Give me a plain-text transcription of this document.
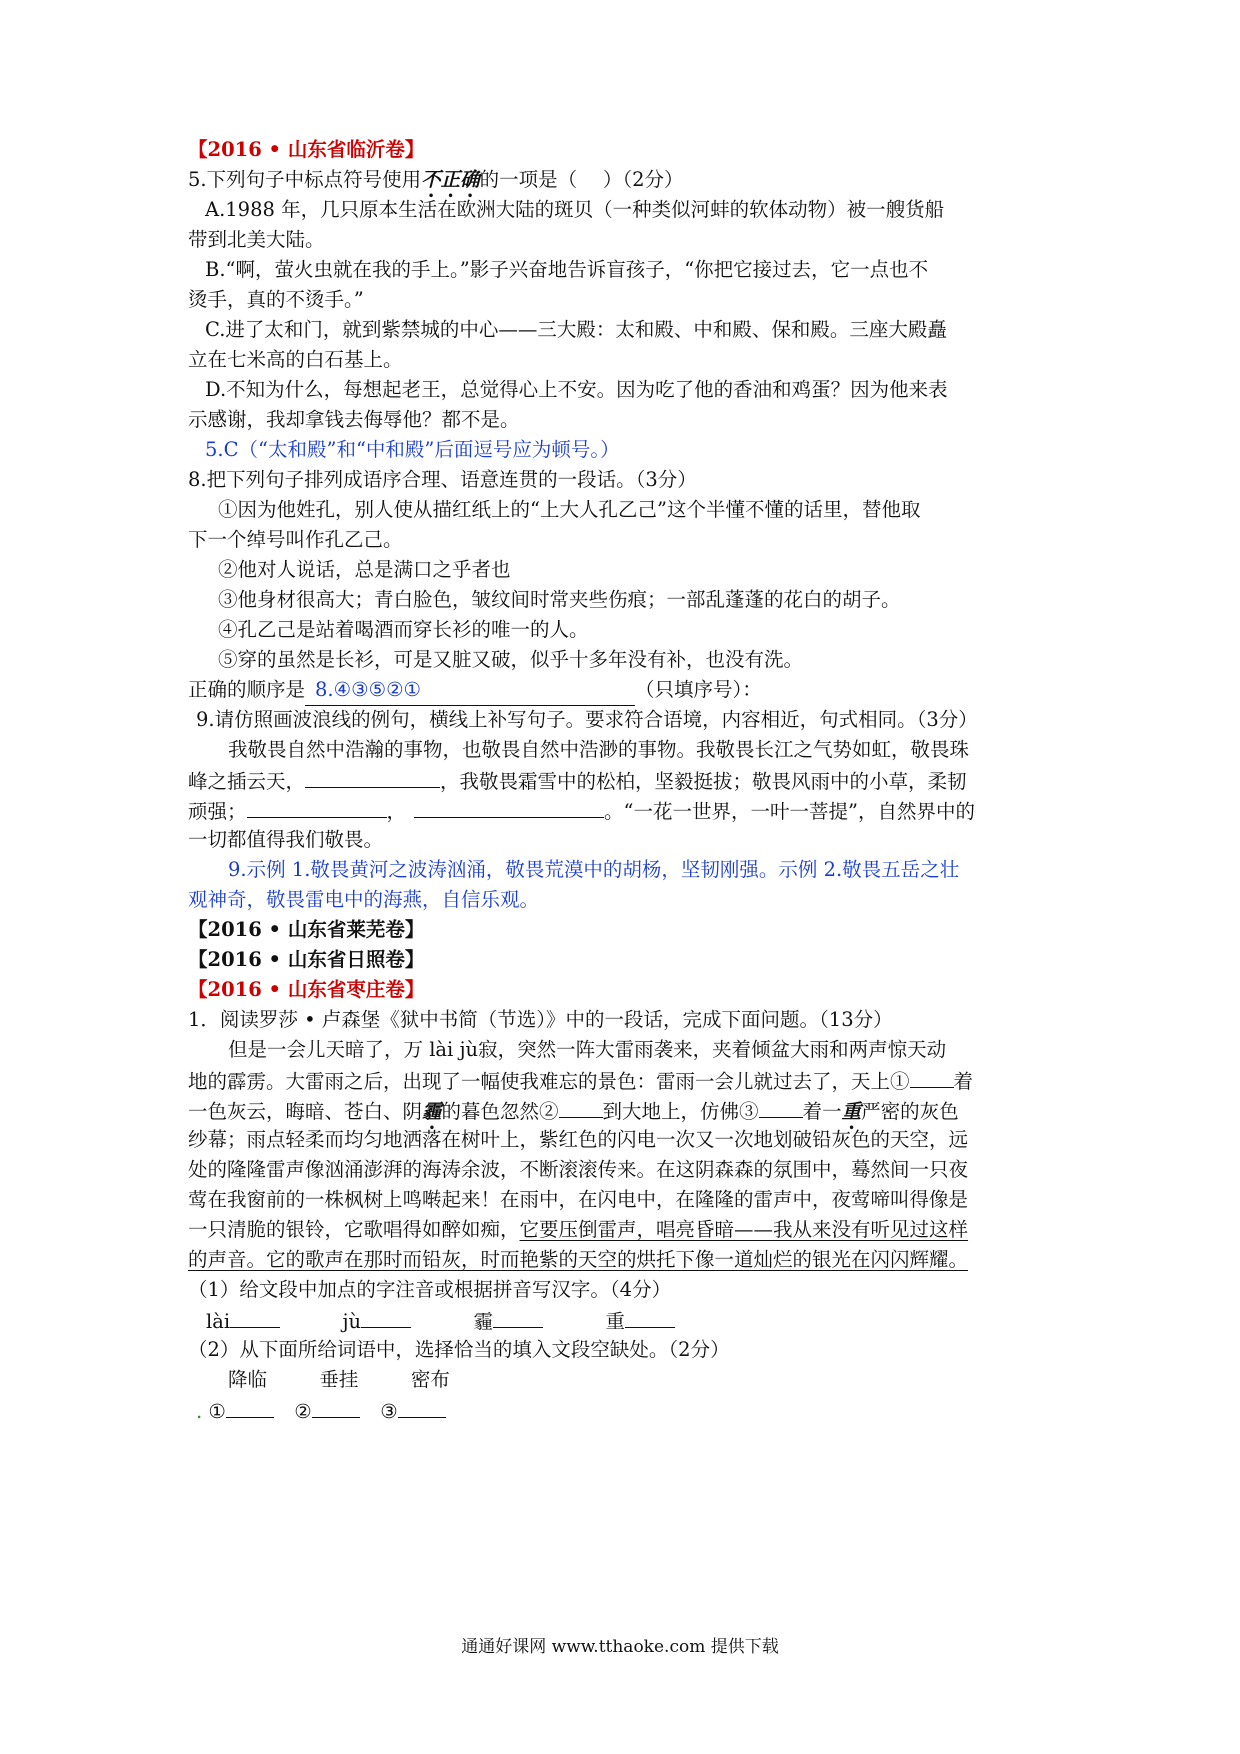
【2016 • 山东省临沂卷】
5.下列句子中标点符号使用不正确的一项是（　 ）（2分）
A.1988 年，几只原本生活在欧洲大陆的斑贝（一种类似河蚌的软体动物）被一艘货船
带到北美大陆。
B.“啊，萤火虫就在我的手上。”影子兴奋地告诉盲孩子，“你把它接过去，它一点也不
烫手，真的不烫手。”
C.进了太和门，就到紫禁城的中心——三大殿：太和殿、中和殿、保和殿。三座大殿矗
立在七米高的白石基上。
D.不知为什么，每想起老王，总觉得心上不安。因为吃了他的香油和鸡蛋？因为他来表
示感谢，我却拿钱去侮辱他？都不是。
5.C（“太和殿”和“中和殿”后面逗号应为顿号。）
8.把下列句子排列成语序合理、语意连贯的一段话。（3分）
①因为他姓孔，别人使从描红纸上的“上大人孔乙己”这个半懂不懂的话里，替他取
下一个绰号叫作孔乙己。
②他对人说话，总是满口之乎者也
③他身材很高大；青白脸色，皱纹间时常夹些伤痕；一部乱蓬蓬的花白的胡子。
④孔乙己是站着喝酒而穿长衫的唯一的人。
⑤穿的虽然是长衫，可是又脏又破，似乎十多年没有补，也没有洗。
正确的顺序是 8.④③⑤②①	（只填序号）：
9.请仿照画波浪线的例句，横线上补写句子。要求符合语境，内容相近，句式相同。（3分）
我敬畏自然中浩瀚的事物，也敬畏自然中浩渺的事物。我敬畏长江之气势如虹，敬畏珠
峰之插云天，	，我敬畏霜雪中的松柏，坚毅挺拔；敬畏风雨中的小草，柔韧
顽强；	，	。“一花一世界，一叶一菩提”，自然界中的
一切都值得我们敬畏。
9.示例 1.敬畏黄河之波涛汹涌，敬畏荒漠中的胡杨，坚韧刚强。示例 2.敬畏五岳之壮
观神奇，敬畏雷电中的海燕，自信乐观。
【2016 • 山东省莱芜卷】
【2016 • 山东省日照卷】
【2016 • 山东省枣庄卷】
1．阅读罗莎 • 卢森堡《狱中书简（节选）》中的一段话，完成下面问题。（13分）
但是一会儿天暗了，万 lài jù寂，突然一阵大雷雨袭来，夹着倾盆大雨和两声惊天动
地的霹雳。大雷雨之后，出现了一幅使我难忘的景色：雷雨一会儿就过去了，天上① 着
一色灰云，晦暗、苍白、阴霾的暮色忽然② 到大地上，仿佛③ 着一重严密的灰色
纱幕；雨点轻柔而均匀地洒落在树叶上，紫红色的闪电一次又一次地划破铅灰色的天空，远
处的隆隆雷声像汹涌澎湃的海涛余波，不断滚滚传来。在这阴森森的氛围中，蓦然间一只夜
莺在我窗前的一株枫树上鸣啭起来！在雨中，在闪电中，在隆隆的雷声中，夜莺啼叫得像是
一只清脆的银铃，它歌唱得如醉如痴，它要压倒雷声，唱亮昏暗——我从来没有听见过这样
的声音。它的歌声在那时而铅灰，时而艳紫的天空的烘托下像一道灿烂的银光在闪闪辉耀。
（1）给文段中加点的字注音或根据拼音写汉字。（4分）
lài	jù	霾	重
（2）从下面所给词语中，选择恰当的填入文段空缺处。（2分）
降临	垂挂	密布
. ①	②	③
通通好课网 www.tthaoke.com 提供下载
